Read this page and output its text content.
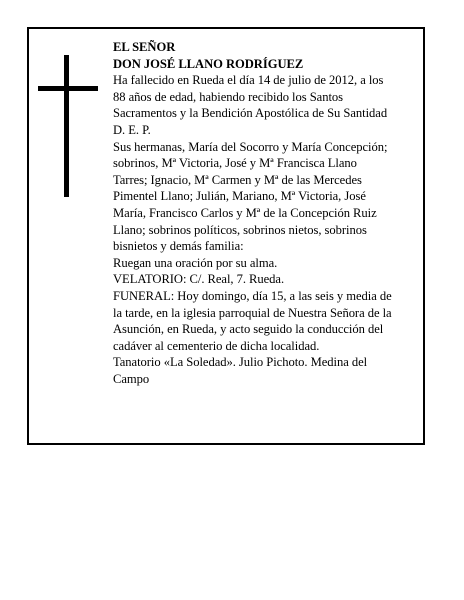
EL SEÑOR
DON JOSÉ LLANO RODRÍGUEZ
Ha fallecido en Rueda el día 14 de julio de 2012, a los
88 años de edad, habiendo recibido los Santos
Sacramentos y la Bendición Apostólica de Su Santidad
D. E. P.
Sus hermanas, María del Socorro y María Concepción;
sobrinos, Mª Victoria, José y Mª Francisca Llano
Tarres; Ignacio, Mª Carmen y Mª de las Mercedes
Pimentel Llano; Julián, Mariano, Mª Victoria, José
María, Francisco Carlos y Mª de la Concepción Ruiz
Llano; sobrinos políticos, sobrinos nietos, sobrinos
bisnietos y demás familia:
Ruegan una oración por su alma.
VELATORIO: C/. Real, 7. Rueda.
FUNERAL: Hoy domingo, día 15, a las seis y media de
la tarde, en la iglesia parroquial de Nuestra Señora de la
Asunción, en Rueda, y acto seguido la conducción del
cadáver al cementerio de dicha localidad.
Tanatorio «La Soledad». Julio Pichoto. Medina del
Campo
